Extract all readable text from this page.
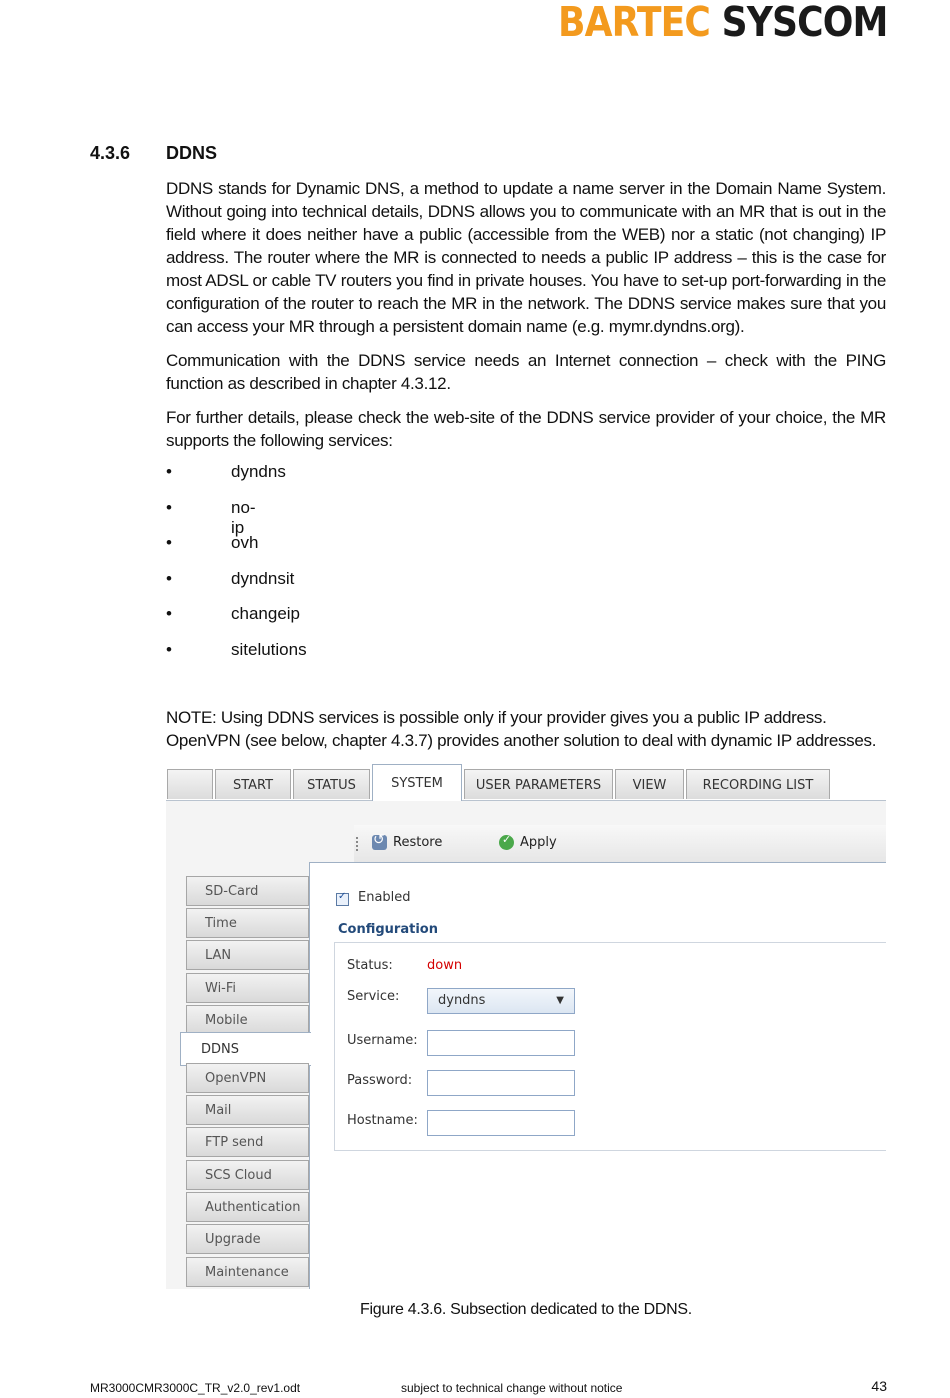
BARTEC SYSCOM
4.3.6 DDNS

DDNS stands for Dynamic DNS, a method to update a name server in the Domain Name System. Without going into technical details, DDNS allows you to communicate with an MR that is out in the field where it does neither have a public (accessible from the WEB) nor a static (not changing) IP address. The router where the MR is connected to needs a public IP address – this is the case for most ADSL or cable TV routers you find in private houses. You have to set-up port-forwarding in the configuration of the router to reach the MR in the network. The DDNS service makes sure that you can access your MR through a persistent domain name (e.g. mymr.dyndns.org).

Communication with the DDNS service needs an Internet connection – check with the PING function as described in chapter 4.3.12.

For further details, please check the web-site of the DDNS service provider of your choice, the MR supports the following services:

•	dyndns
•	no-ip
•	ovh
•	dyndnsit
•	changeip
•	sitelutions
NOTE: Using DDNS services is possible only if your provider gives you a public IP address.
OpenVPN (see below, chapter 4.3.7) provides another solution to deal with dynamic IP addresses.
START	STATUS	SYSTEM	USER PARAMETERS	VIEW	RECORDING LIST
↺
Restore
✓	Apply
✓
Enabled
Configuration
Status:	down
Service:	dyndns	▼
Username:
Password:
Hostname:
SD-Card
Time
LAN
Wi-Fi
Mobile
DDNS
OpenVPN
Mail
FTP send
SCS Cloud
Authentication
Upgrade
Maintenance
Figure 4.3.6. Subsection dedicated to the DDNS.
MR3000CMR3000C_TR_v2.0_rev1.odt	subject to technical change without notice	43
